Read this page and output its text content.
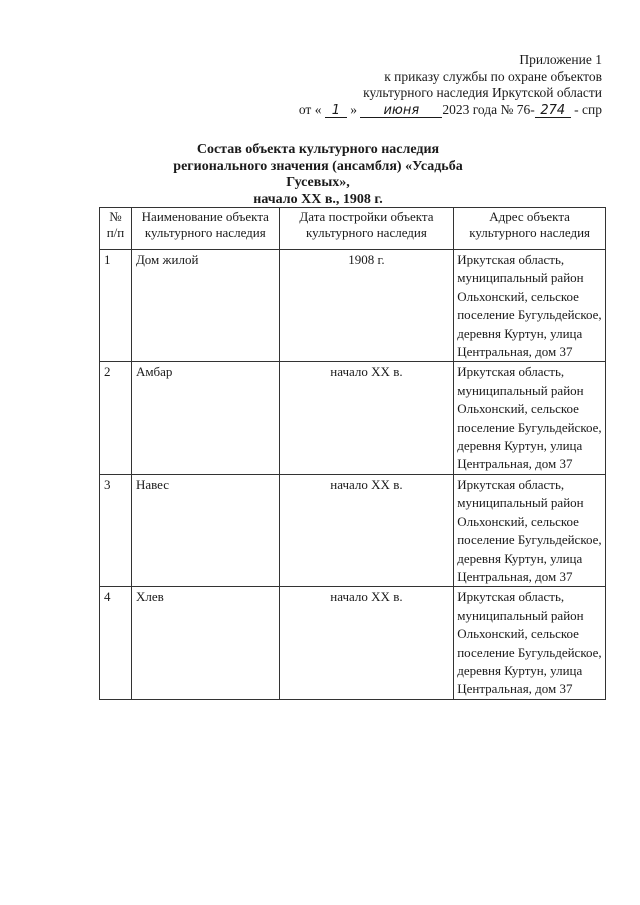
Приложение 1
к приказу службы по охране объектов
культурного наследия Иркутской области
от « 1 » июня 2023 года № 76- 274 - спр
Состав объекта культурного наследия
регионального значения (ансамбля) «Усадьба Гусевых»,
начало XX в., 1908 г.
№ п/п	Наименование объекта культурного наследия	Дата постройки объекта культурного наследия	Адрес объекта культурного наследия
1	Дом жилой	1908 г.	Иркутская область, муниципальный район Ольхонский, сельское поселение Бугульдейское, деревня Куртун, улица Центральная, дом 37
2	Амбар	начало XX в.	Иркутская область, муниципальный район Ольхонский, сельское поселение Бугульдейское, деревня Куртун, улица Центральная, дом 37
3	Навес	начало XX в.	Иркутская область, муниципальный район Ольхонский, сельское поселение Бугульдейское, деревня Куртун, улица Центральная, дом 37
4	Хлев	начало XX в.	Иркутская область, муниципальный район Ольхонский, сельское поселение Бугульдейское, деревня Куртун, улица Центральная, дом 37
